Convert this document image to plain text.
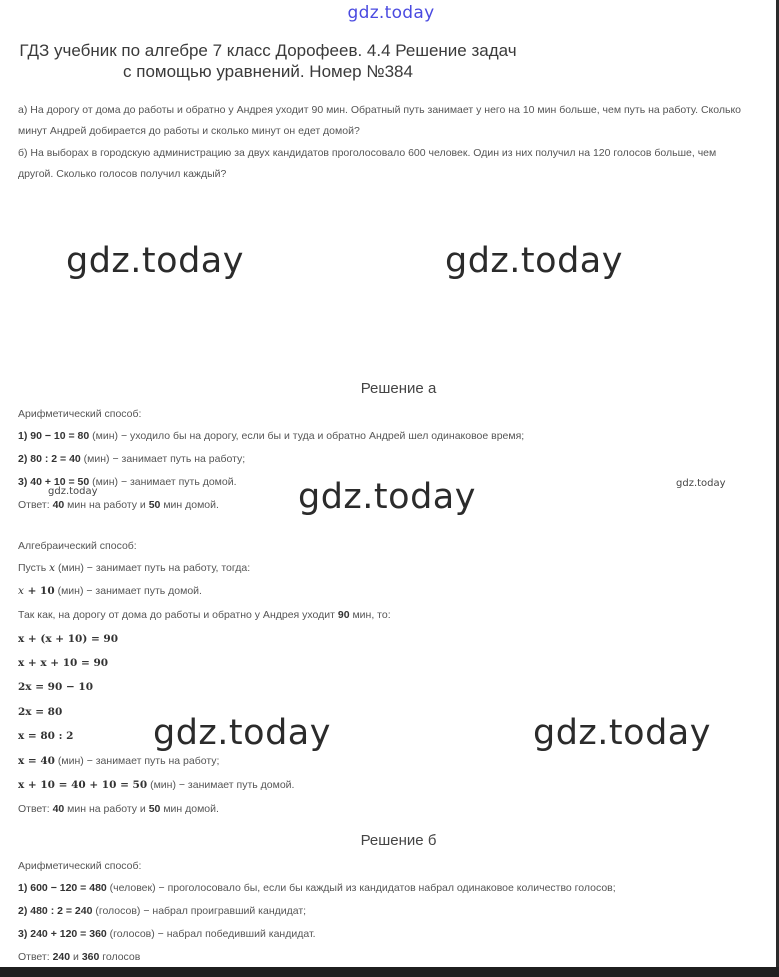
gdz.today
ГДЗ учебник по алгебре 7 класс Дорофеев. 4.4 Решение задач
с помощью уравнений. Номер №384
а) На дорогу от дома до работы и обратно у Андрея уходит 90 мин. Обратный путь занимает у него на 10 мин больше, чем путь на работу. Сколько
минут Андрей добирается до работы и сколько минут он едет домой?
б) На выборах в городскую администрацию за двух кандидатов проголосовало 600 человек. Один из них получил на 120 голосов больше, чем
другой. Сколько голосов получил каждый?
gdz.today	gdz.today
gdz.today
gdz.today	gdz.today
gdz.today
gdz.today
Решение а
Арифметический способ:
1) 90 − 10 = 80 (мин) − уходило бы на дорогу, если бы и туда и обратно Андрей шел одинаковое время;
2) 80 : 2 = 40 (мин) − занимает путь на работу;
3) 40 + 10 = 50 (мин) − занимает путь домой.
Ответ: 40 мин на работу и 50 мин домой.
Алгебраический способ:
Пусть x (мин) − занимает путь на работу, тогда:
x + 10 (мин) − занимает путь домой.
Так как, на дорогу от дома до работы и обратно у Андрея уходит 90 мин, то:
x + (x + 10) = 90
x + x + 10 = 90
2x = 90 − 10
2x = 80
x = 80 : 2
x = 40 (мин) − занимает путь на работу;
x + 10 = 40 + 10 = 50 (мин) − занимает путь домой.
Ответ: 40 мин на работу и 50 мин домой.
Решение б
Арифметический способ:
1) 600 − 120 = 480 (человек) − проголосовало бы, если бы каждый из кандидатов набрал одинаковое количество голосов;
2) 480 : 2 = 240 (голосов) − набрал проигравший кандидат;
3) 240 + 120 = 360 (голосов) − набрал победивший кандидат.
Ответ: 240 и 360 голосов
